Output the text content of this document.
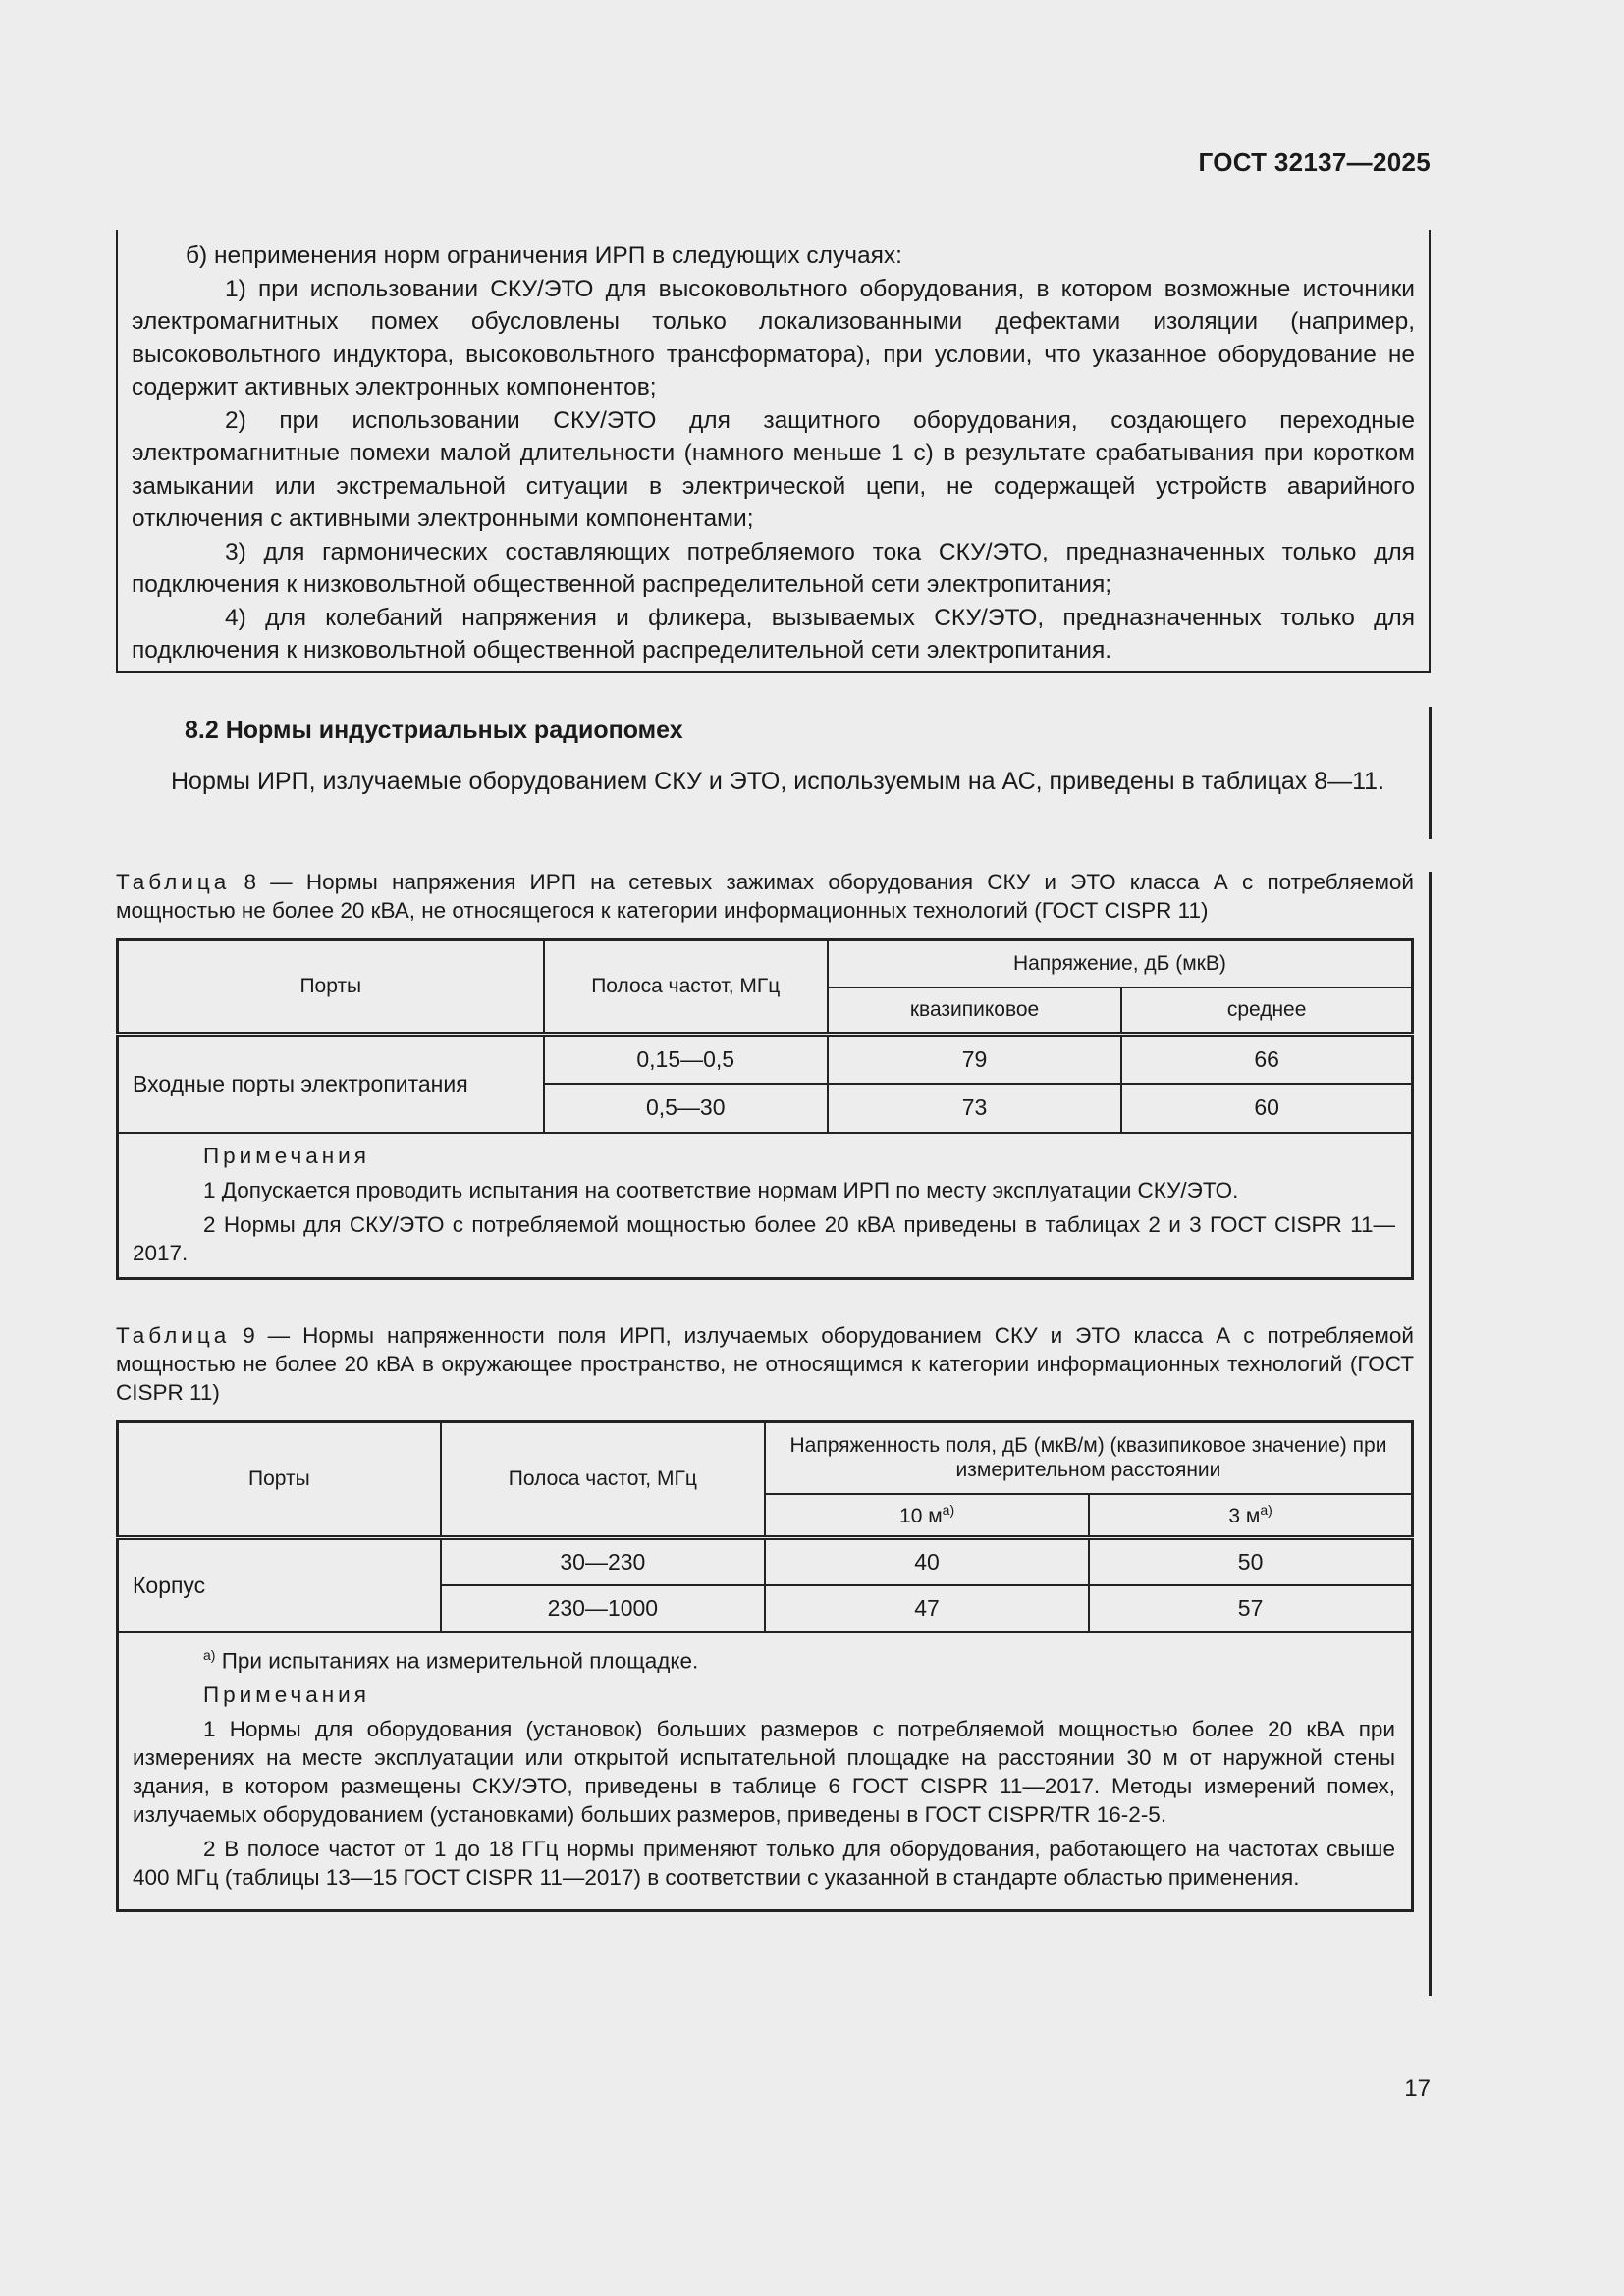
ГОСТ 32137—2025

б) неприменения норм ограничения ИРП в следующих случаях:

1) при использовании СКУ/ЭТО для высоковольтного оборудования, в котором возможные источники электромагнитных помех обусловлены только локализованными дефектами изоляции (например, высоковольтного индуктора, высоковольтного трансформатора), при условии, что указанное оборудование не содержит активных электронных компонентов;

2) при использовании СКУ/ЭТО для защитного оборудования, создающего переходные электромагнитные помехи малой длительности (намного меньше 1 с) в результате срабатывания при коротком замыкании или экстремальной ситуации в электрической цепи, не содержащей устройств аварийного отключения с активными электронными компонентами;

3) для гармонических составляющих потребляемого тока СКУ/ЭТО, предназначенных только для подключения к низковольтной общественной распределительной сети электропитания;

4) для колебаний напряжения и фликера, вызываемых СКУ/ЭТО, предназначенных только для подключения к низковольтной общественной распределительной сети электропитания.

8.2 Нормы индустриальных радиопомех

Нормы ИРП, излучаемые оборудованием СКУ и ЭТО, используемым на АС, приведены в таблицах 8—11.

Таблица 8 — Нормы напряжения ИРП на сетевых зажимах оборудования СКУ и ЭТО класса А с потребляемой мощностью не более 20 кВА, не относящегося к категории информационных технологий (ГОСТ CISPR 11)

Порты	Полоса частот, МГц	Напряжение, дБ (мкВ)	
		квазипиковое	среднее
Входные порты электропитания	0,15—0,5	79	66
	0,5—30	73	60

Примечания

1 Допускается проводить испытания на соответствие нормам ИРП по месту эксплуатации СКУ/ЭТО.

2 Нормы для СКУ/ЭТО с потребляемой мощностью более 20 кВА приведены в таблицах 2 и 3 ГОСТ CISPR 11—2017.			

Таблица 9 — Нормы напряженности поля ИРП, излучаемых оборудованием СКУ и ЭТО класса А с потребляемой мощностью не более 20 кВА в окружающее пространство, не относящимся к категории информационных технологий (ГОСТ CISPR 11)

Порты	Полоса частот, МГц	Напряженность поля, дБ (мкВ/м) (квазипиковое значение) при измерительном расстоянии	
		10 $м^{а)}$	3 $м^{а)}$
Корпус	30—230	40	50
	230—1000	47	57

$^{а)}$ При испытаниях на измерительной площадке.

Примечания

1 Нормы для оборудования (установок) больших размеров с потребляемой мощностью более 20 кВА при измерениях на месте эксплуатации или открытой испытательной площадке на расстоянии 30 м от наружной стены здания, в котором размещены СКУ/ЭТО, приведены в таблице 6 ГОСТ CISPR 11—2017. Методы измерений помех, излучаемых оборудованием (установками) больших размеров, приведены в ГОСТ CISPR/TR 16-2-5.

2 В полосе частот от 1 до 18 ГГц нормы применяют только для оборудования, работающего на частотах свыше 400 МГц (таблицы 13—15 ГОСТ CISPR 11—2017) в соответствии с указанной в стандарте областью применения.			

17
